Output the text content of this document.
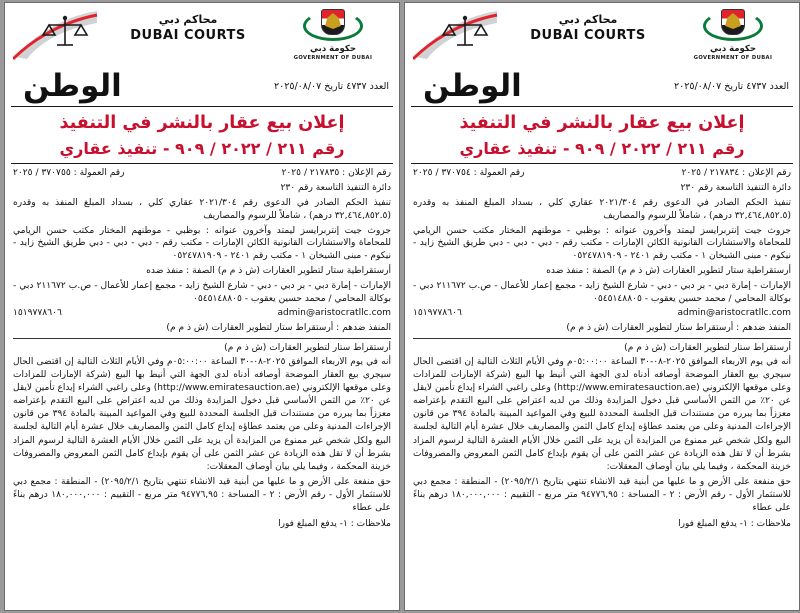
حكومة دبي
GOVERNMENT OF DUBAI
محاكم دبي
DUBAI COURTS
العدد ٤٧٣٧ تاريخ ٢٠٢٥/٠٨/٠٧
الوطن
إعلان بيع عقار بالنشر في التنفيذ
رقم ٢١١ / ٢٠٢٢ / ٩٠٩ - تنفيذ عقاري
رقم الإعلان : ٢١٧٨٣٤ / ٢٠٢٥
رقم العمولة : ٣٧٠٧٥٤ / ٢٠٢٥
دائرة التنفيذ التاسعة رقم ٢٣٠
تنفيذ الحكم الصادر في الدعوى رقم ٢٠٢١/٣٠٤ عقاري كلي ، بسداد المبلغ المنفذ به وقدره (٣٢,٤٦٤,٨٥٢.٥ درهم) ، شاملاً للرسوم والمصاريف
جروث جيت إنتربرايسز ليمتد وآخرون عنوانه : بوظبي - موطنهم المختار مكتب حسن الريامي للمحاماة والاستشارات القانونية الكائن الإمارات - مكتب رقم - دبي - دبي - دبي طريق الشيخ زايد - نيكوم - مبنى الشيخان ١ - مكتب رقم ٢٤٠١ - ٠٥٢٤٧٨١٩٠٩
أرستقراطية ستار لتطوير العقارات (ش ذ م م) الصفة : منفذ ضده
الإمارات - إمارة دبي - بر دبي - دبي - شارع الشيخ زايد - مجمع إعمار للأعمال - ص.ب ٢١١٦٧٢ دبي - بوكالة المحامي / محمد حسين يعقوب - ٠٥٤٥١٤٨٨٠٥
admin@aristocratllc.com
١٥١٩٧٧٨٦٠٦
المنفذ ضدهم : أرستقراط ستار لتطوير العقارات (ش ذ م م)
أرستقراط ستار لتطوير العقارات (ش ذ م م)
أنه في يوم الاربعاء الموافق ٢٠٢٥-٠٨-٣٠ الساعة ٠٥:٠٠:٠٠م وفي الأيام الثلاث التالية إن اقتضى الحال سيجري بيع العقار الموضحة أوصافه أدناه لدى الجهة التي أنيط بها البيع (شركة الإمارات للمزادات وعلى موقعها الإلكتروني (http://www.emiratesauction.ae) وعلى راغبي الشراء إيداع تأمين لايقل عن ٢٠٪ من الثمن الأساسي قبل دخول المزايدة وذلك من لديه اعتراض على البيع التقدم بإعتراضه معززاً بما يبرره من مستندات قبل الجلسة المحددة للبيع وفي المواعيد المبينة بالمادة ٣٩٤ من قانون الإجراءات المدنية وعلى من يعتمد عطاؤه إيداع كامل الثمن والمصاريف خلال عشرة أيام التالية لجلسة البيع ولكل شخص غير ممنوع من المزايدة أن يزيد على الثمن خلال الأيام العشرة التالية لرسوم المزاد بشرط أن لا تقل هذه الزيادة عن عشر الثمن على أن يقوم بإيداع كامل الثمن المعروض والمصروفات خزينة المحكمة ، وفيما يلي بيان أوصاف المعقلات:
حق منفعة على الأرض و ما عليها من أبنية قيد الانشاء تنتهي بتاريخ ٢٠٩٥/٢/١) - المنطقة : مجمع دبي للاستثمار الأول - رقم الأرض : ٢ - المساحة : ٩٤٧٧٦,٩٥ متر مربع - التقييم : ١٨٠,٠٠٠,٠٠٠ درهم بناءً على عطاء
ملاحظات : ١- يدفع المبلغ فورا
حكومة دبي
GOVERNMENT OF DUBAI
محاكم دبي
DUBAI COURTS
العدد ٤٧٣٧ تاريخ ٢٠٢٥/٠٨/٠٧
الوطن
إعلان بيع عقار بالنشر في التنفيذ
رقم ٢١١ / ٢٠٢٢ / ٩٠٩ - تنفيذ عقاري
رقم الإعلان : ٢١٧٨٣٥ / ٢٠٢٥
رقم العمولة : ٣٧٠٧٥٥ / ٢٠٢٥
دائرة التنفيذ التاسعة رقم ٢٣٠
تنفيذ الحكم الصادر في الدعوى رقم ٢٠٢١/٣٠٤ عقاري كلي ، بسداد المبلغ المنفذ به وقدره (٣٢,٤٦٤,٨٥٢.٥ درهم) ، شاملاً للرسوم والمصاريف
جروث جيت إنتربرايسز ليمتد وآخرون عنوانه : بوظبي - موطنهم المختار مكتب حسن الريامي للمحاماة والاستشارات القانونية الكائن الإمارات - مكتب رقم - دبي - دبي - دبي طريق الشيخ زايد - نيكوم - مبنى الشيخان ١ - مكتب رقم ٢٤٠١ - ٠٥٢٤٧٨١٩٠٩
أرستقراطية ستار لتطوير العقارات (ش ذ م م) الصفة : منفذ ضده
الإمارات - إمارة دبي - بر دبي - دبي - شارع الشيخ زايد - مجمع إعمار للأعمال - ص.ب ٢١١٦٧٢ دبي - بوكالة المحامي / محمد حسين يعقوب - ٠٥٤٥١٤٨٨٠٥
admin@aristocratllc.com
١٥١٩٧٧٨٦٠٦
المنفذ ضدهم : أرستقراط ستار لتطوير العقارات (ش ذ م م)
أرستقراط ستار لتطوير العقارات (ش ذ م م)
أنه في يوم الاربعاء الموافق ٢٠٢٥-٠٨-٣٠ الساعة ٠٥:٠٠:٠٠م وفي الأيام الثلاث التالية إن اقتضى الحال سيجري بيع العقار الموضحة أوصافه أدناه لدى الجهة التي أنيط بها البيع (شركة الإمارات للمزادات وعلى موقعها الإلكتروني (http://www.emiratesauction.ae) وعلى راغبي الشراء إيداع تأمين لايقل عن ٢٠٪ من الثمن الأساسي قبل دخول المزايدة وذلك من لديه اعتراض على البيع التقدم بإعتراضه معززاً بما يبرره من مستندات قبل الجلسة المحددة للبيع وفي المواعيد المبينة بالمادة ٣٩٤ من قانون الإجراءات المدنية وعلى من يعتمد عطاؤه إيداع كامل الثمن والمصاريف خلال عشرة أيام التالية لجلسة البيع ولكل شخص غير ممنوع من المزايدة أن يزيد على الثمن خلال الأيام العشرة التالية لرسوم المزاد بشرط أن لا تقل هذه الزيادة عن عشر الثمن على أن يقوم بإيداع كامل الثمن المعروض والمصروفات خزينة المحكمة ، وفيما يلي بيان أوصاف المعقلات:
حق منفعة على الأرض و ما عليها من أبنية قيد الانشاء تنتهي بتاريخ ٢٠٩٥/٢/١) - المنطقة : مجمع دبي للاستثمار الأول - رقم الأرض : ٢ - المساحة : ٩٤٧٧٦,٩٥ متر مربع - التقييم : ١٨٠,٠٠٠,٠٠٠ درهم بناءً على عطاء
ملاحظات : ١- يدفع المبلغ فورا
